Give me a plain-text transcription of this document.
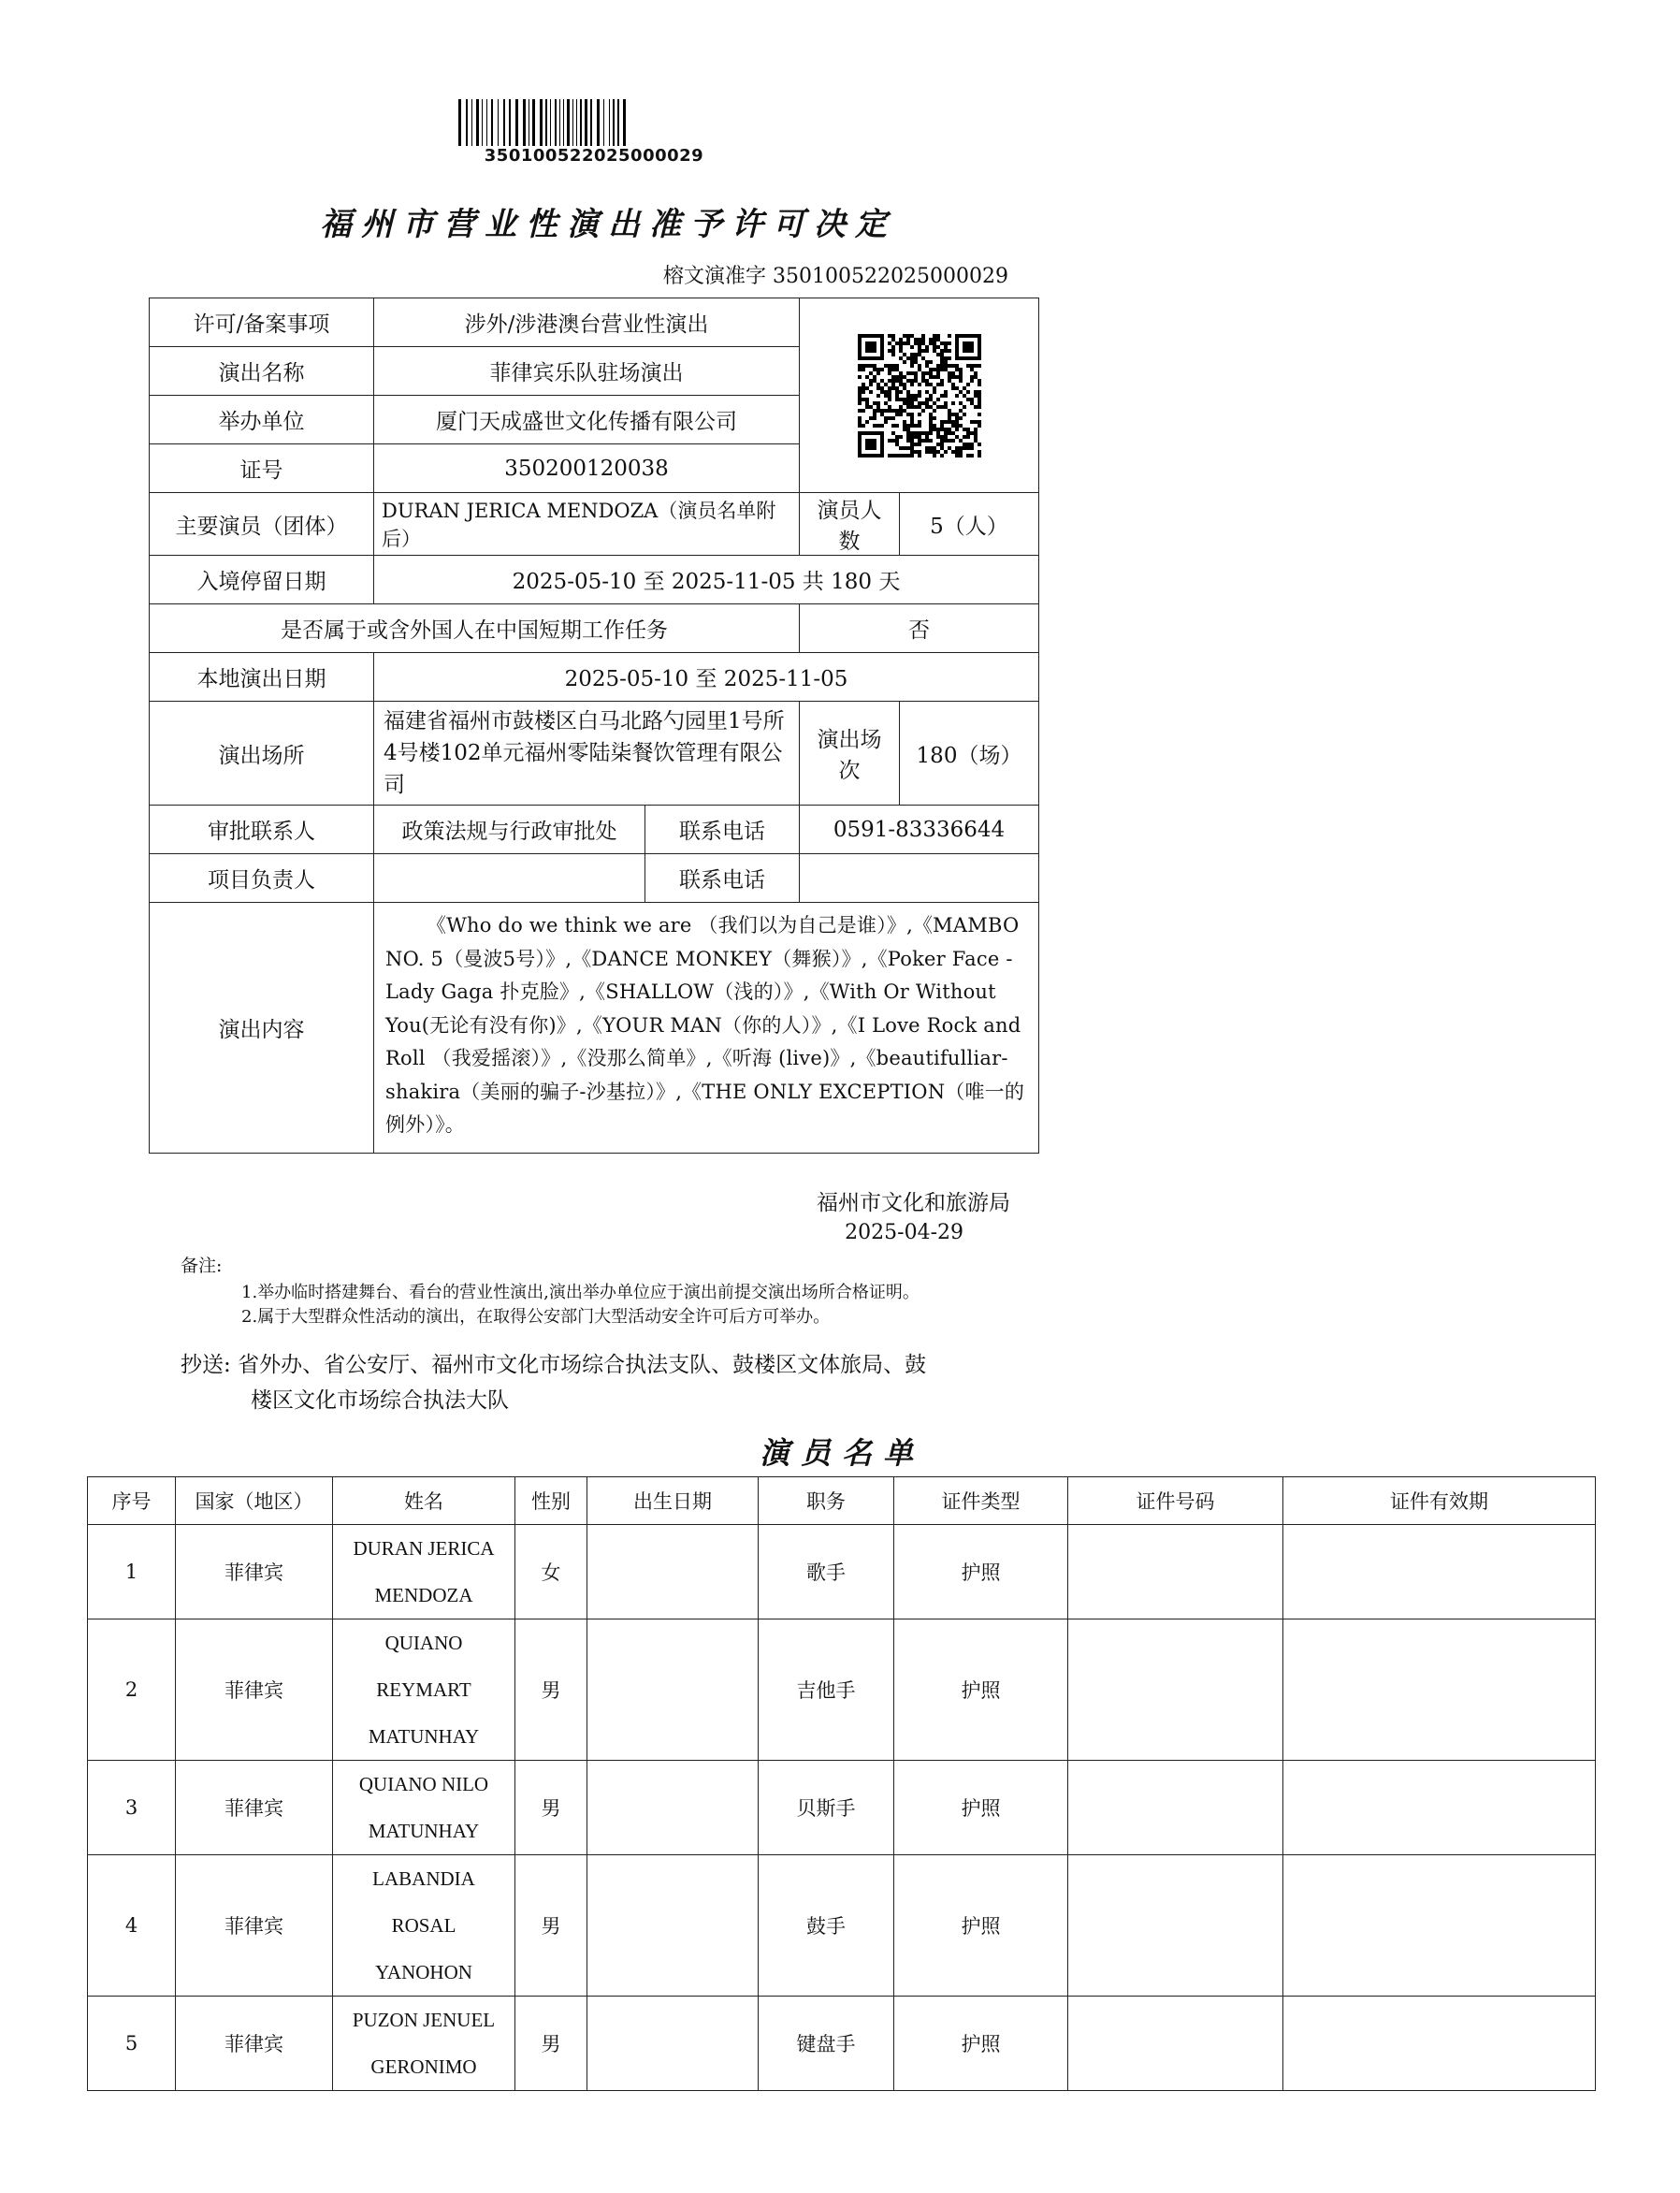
350100522025000029
福州市营业性演出准予许可决定
榕文演准字 350100522025000029
许可/备案事项	涉外/涉港澳台营业性演出	

演出名称	菲律宾乐队驻场演出			
举办单位	厦门天成盛世文化传播有限公司			
证号	350200120038			
主要演员（团体）	DURAN JERICA MENDOZA（演员名单附后）		演员人数	5（人）
入境停留日期	2025-05-10 至 2025-11-05 共 180 天			
是否属于或含外国人在中国短期工作任务			否	
本地演出日期	2025-05-10 至 2025-11-05			
演出场所	福建省福州市鼓楼区白马北路勺园里1号所4号楼102单元福州零陆柒餐饮管理有限公司		演出场次	180（场）
审批联系人	政策法规与行政审批处	联系电话	0591-83336644	
项目负责人		联系电话		
演出内容	《Who do we think we are （我们以为自己是谁）》,《MAMBO NO. 5（曼波5号）》,《DANCE MONKEY（舞猴）》,《Poker Face - Lady Gaga 扑克脸》,《SHALLOW（浅的）》,《With Or Without You(无论有没有你)》,《YOUR MAN（你的人）》,《I Love Rock and Roll （我爱摇滚）》,《没那么简单》,《听海 (live)》,《beautifulliar-shakira（美丽的骗子-沙基拉）》,《THE ONLY EXCEPTION（唯一的例外）》。			
福州市文化和旅游局
2025-04-29
备注:
1.举办临时搭建舞台、看台的营业性演出,演出举办单位应于演出前提交演出场所合格证明。
2.属于大型群众性活动的演出，在取得公安部门大型活动安全许可后方可举办。
抄送: 省外办、省公安厅、福州市文化市场综合执法支队、鼓楼区文体旅局、鼓
楼区文化市场综合执法大队
演员名单
序号	国家（地区）	姓名	性别	出生日期	职务	证件类型	证件号码	证件有效期
1	菲律宾	DURAN JERICA
MENDOZA	女		歌手	护照		
2	菲律宾	QUIANO
REYMART
MATUNHAY	男		吉他手	护照		
3	菲律宾	QUIANO NILO
MATUNHAY	男		贝斯手	护照		
4	菲律宾	LABANDIA
ROSAL
YANOHON	男		鼓手	护照		
5	菲律宾	PUZON JENUEL
GERONIMO	男		键盘手	护照		
